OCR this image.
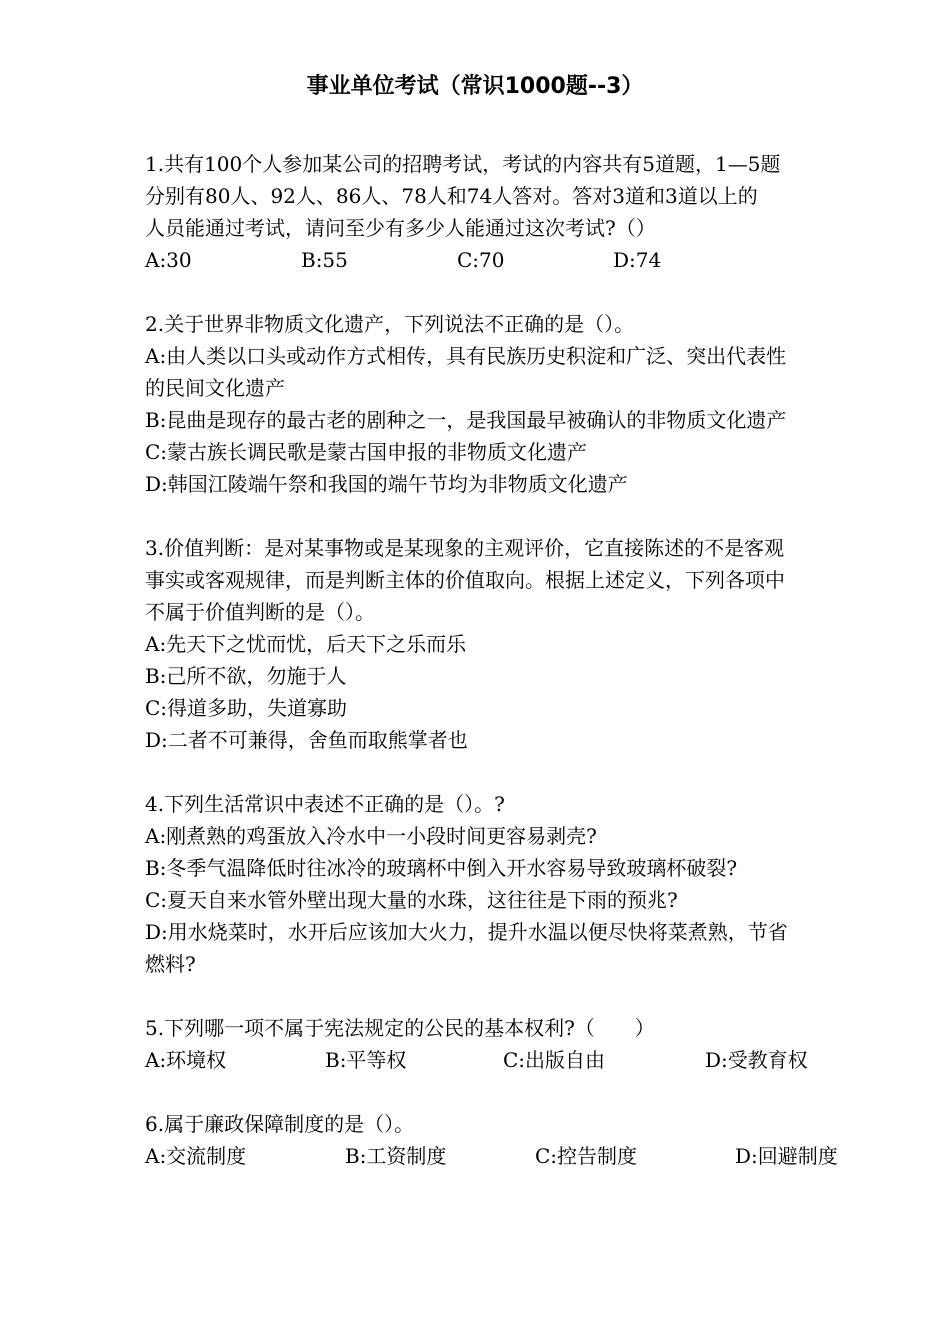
事业单位考试（常识1000题--3）
1.共有100个人参加某公司的招聘考试，考试的内容共有5道题，1—5题
分别有80人、92人、86人、78人和74人答对。答对3道和3道以上的
人员能通过考试，请问至少有多少人能通过这次考试?（）
A:30	B:55	C:70	D:74
2.关于世界非物质文化遗产，下列说法不正确的是（）。
A:由人类以口头或动作方式相传，具有民族历史积淀和广泛、突出代表性
的民间文化遗产
B:昆曲是现存的最古老的剧种之一，是我国最早被确认的非物质文化遗产
C:蒙古族长调民歌是蒙古国申报的非物质文化遗产
D:韩国江陵端午祭和我国的端午节均为非物质文化遗产
3.价值判断：是对某事物或是某现象的主观评价，它直接陈述的不是客观
事实或客观规律，而是判断主体的价值取向。根据上述定义，下列各项中
不属于价值判断的是（）。
A:先天下之忧而忧，后天下之乐而乐
B:己所不欲，勿施于人
C:得道多助，失道寡助
D:二者不可兼得，舍鱼而取熊掌者也
4.下列生活常识中表述不正确的是（）。?
A:刚煮熟的鸡蛋放入冷水中一小段时间更容易剥壳?
B:冬季气温降低时往冰冷的玻璃杯中倒入开水容易导致玻璃杯破裂?
C:夏天自来水管外壁出现大量的水珠，这往往是下雨的预兆?
D:用水烧菜时，水开后应该加大火力，提升水温以便尽快将菜煮熟，节省
燃料?
5.下列哪一项不属于宪法规定的公民的基本权利?（　　）
A:环境权	B:平等权	C:出版自由	D:受教育权
6.属于廉政保障制度的是（）。
A:交流制度	B:工资制度	C:控告制度	D:回避制度
